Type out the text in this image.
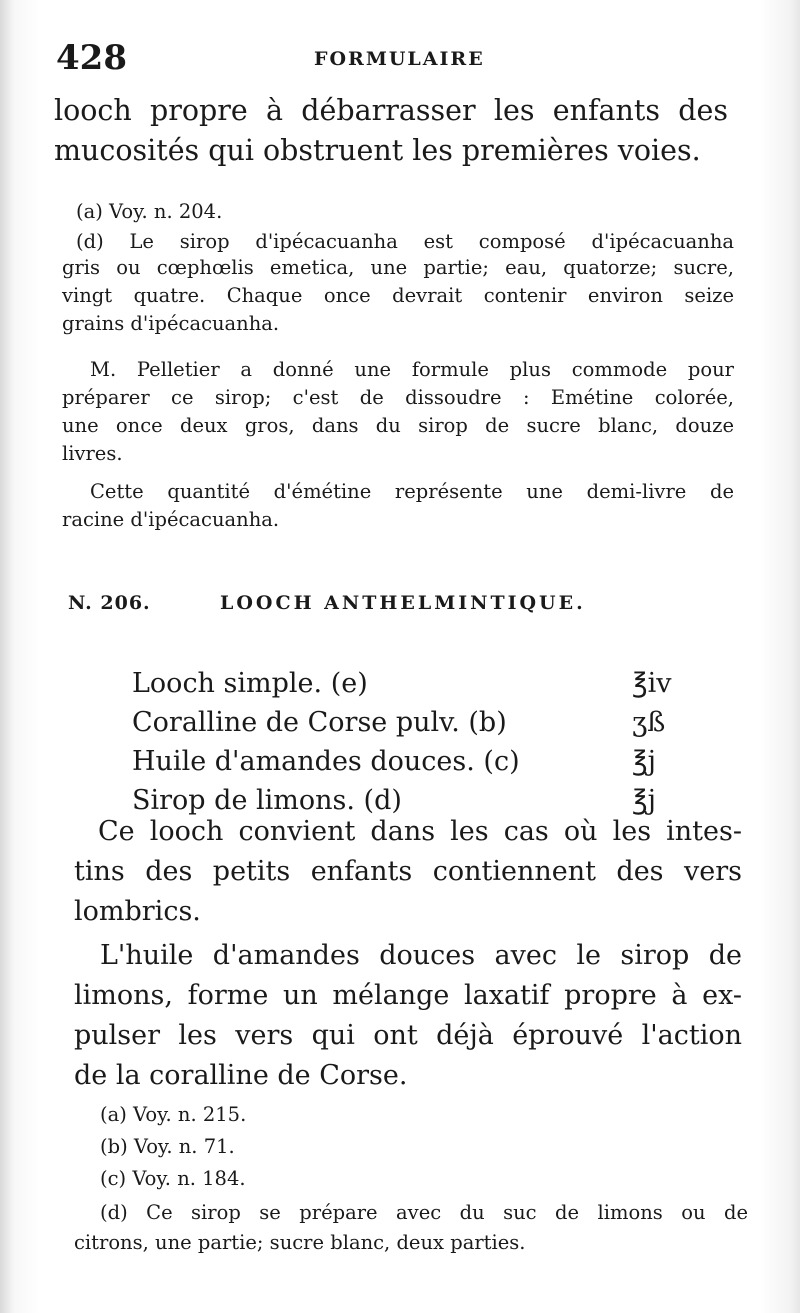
428	FORMULAIRE
looch propre à débarrasser les enfants des
mucosités qui obstruent les premières voies.
(a) Voy. n. 204.
(d) Le sirop d'ipécacuanha est composé d'ipécacuanha
gris ou cœphœlis emetica, une partie; eau, quatorze; sucre,
vingt quatre. Chaque once devrait contenir environ seize
grains d'ipécacuanha.
M. Pelletier a donné une formule plus commode pour
préparer ce sirop; c'est de dissoudre : Emétine colorée,
une once deux gros, dans du sirop de sucre blanc, douze
livres.
Cette quantité d'émétine représente une demi-livre de
racine d'ipécacuanha.
N. 206.	LOOCH ANTHELMINTIQUE.
Looch simple. (e)	℥iv
Coralline de Corse pulv. (b)	ʒß
Huile d'amandes douces. (c)	℥j
Sirop de limons. (d)	℥j
Ce looch convient dans les cas où les intes-
tins des petits enfants contiennent des vers
lombrics.
L'huile d'amandes douces avec le sirop de
limons, forme un mélange laxatif propre à ex-
pulser les vers qui ont déjà éprouvé l'action
de la coralline de Corse.
(a) Voy. n. 215.
(b) Voy. n. 71.
(c) Voy. n. 184.
(d) Ce sirop se prépare avec du suc de limons ou de
citrons, une partie; sucre blanc, deux parties.
